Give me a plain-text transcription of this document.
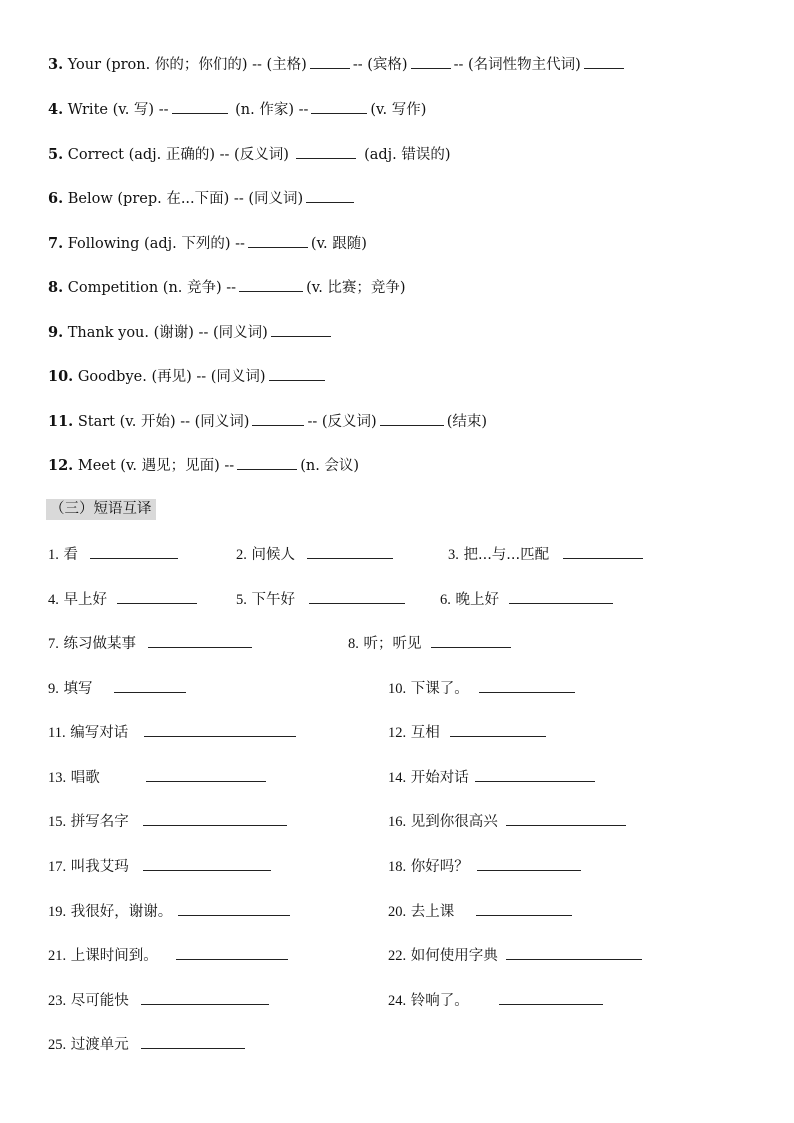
3. Your (pron. 你的；你们的) -- (主格)	-- (宾格)	-- (名词性物主代词)
4. Write (v. 写) --	(n. 作家) --	(v. 写作)
5. Correct (adj. 正确的) -- (反义词)	(adj. 错误的)
6. Below (prep. 在...下面) -- (同义词)
7. Following (adj. 下列的) --	(v. 跟随)
8. Competition (n. 竞争) --	(v. 比赛；竞争)
9. Thank you. (谢谢) -- (同义词)
10. Goodbye. (再见) -- (同义词)
11. Start (v. 开始) -- (同义词)	-- (反义词)	(结束)
12. Meet (v. 遇见；见面) --	(n. 会议)
（三）短语互译
1. 看	2. 问候人	3. 把...与...匹配
4. 早上好	5. 下午好	6. 晚上好
7. 练习做某事	8. 听；听见
9. 填写	10. 下课了。
11. 编写对话	12. 互相
13. 唱歌	14. 开始对话
15. 拼写名字	16. 见到你很高兴
17. 叫我艾玛	18. 你好吗？
19. 我很好，谢谢。	20. 去上课
21. 上课时间到。	22. 如何使用字典
23. 尽可能快	24. 铃响了。
25. 过渡单元
